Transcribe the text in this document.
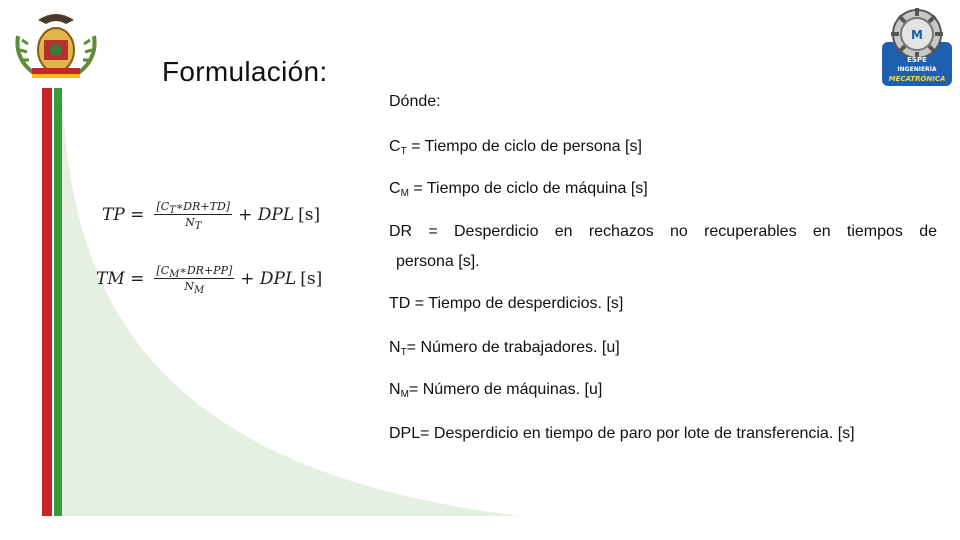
M
ESPE
INGENIERÍA
MECATRÓNICA
Formulación:
TP = $\frac{[C_T∗DR+TD]}{N_T}$ + DPL [s]
TM = $\frac{[C_M∗DR+PP]}{N_M}$ + DPL [s]

Dónde:

$C_T$ = Tiempo de ciclo de persona [s]

$C_M$ = Tiempo de ciclo de máquina [s]

DR = Desperdicio en rechazos no recuperables en tiempos de

persona [s].

TD = Tiempo de desperdicios. [s]

$N_T=$ Número de trabajadores. [u]

$N_M=$ Número de máquinas. [u]

DPL= Desperdicio en tiempo de paro por lote de transferencia. [s]
